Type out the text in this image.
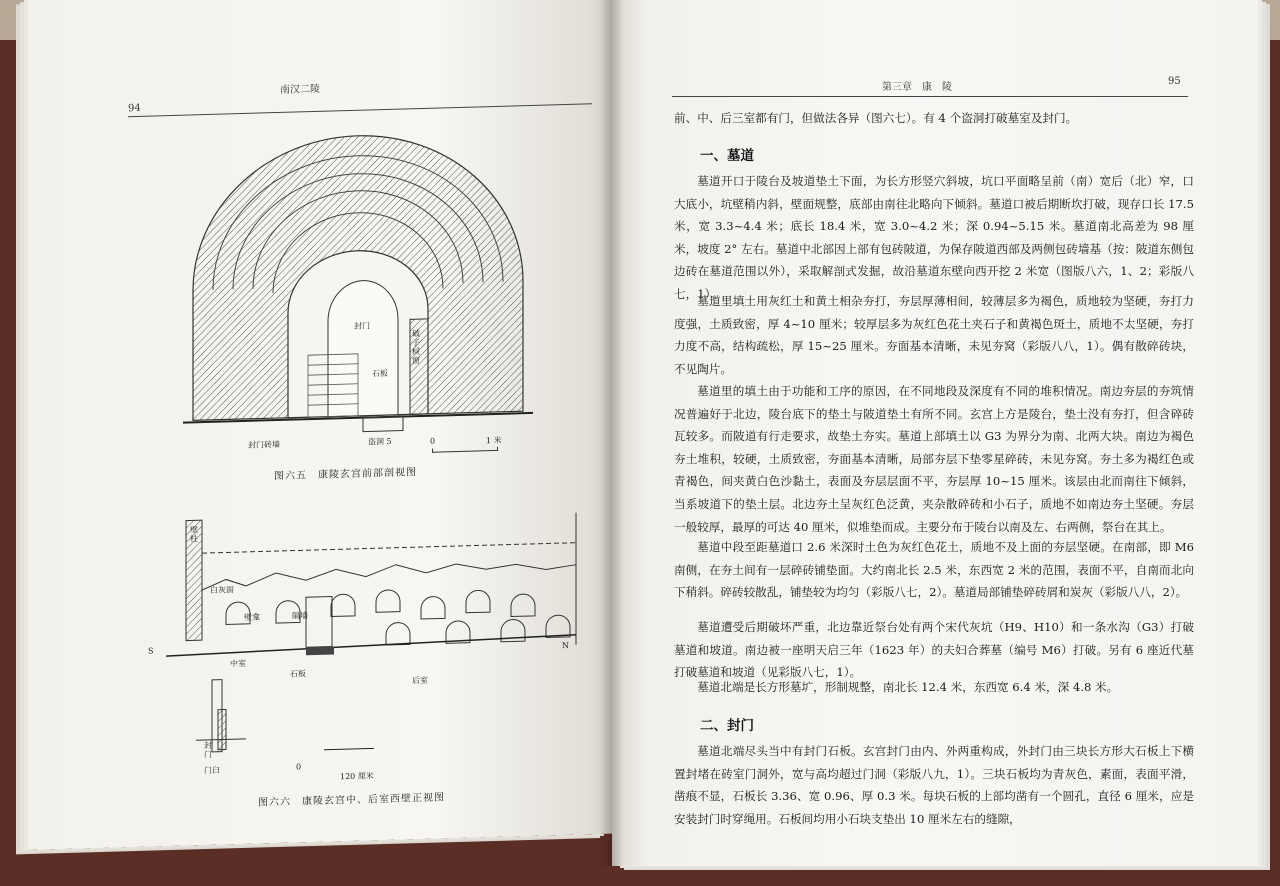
南汉二陵
94
封门
破子棂窗
石板
封门砖墙	盗洞 5	0	1 米
图六五　康陵玄宫前部剖视图
壁柱
白灰面
壁龛	隔墙
S
N
中室
石板
后室
封门
门臼	0
120 厘米
图六六　康陵玄宫中、后室西壁正视图
第三章　康　陵
95
前、中、后三室都有门，但做法各异（图六七）。有 4 个盗洞打破墓室及封门。
一、墓道
墓道开口于陵台及坡道垫土下面，为长方形竖穴斜坡，坑口平面略呈前（南）宽后（北）窄，口大底小，坑壁稍内斜，壁面规整，底部由南往北略向下倾斜。墓道口被后期断坎打破，现存口长 17.5 米，宽 3.3~4.4 米；底长 18.4 米，宽 3.0~4.2 米；深 0.94~5.15 米。墓道南北高差为 98 厘米，坡度 2° 左右。墓道中北部因上部有包砖陂道，为保存陂道西部及两侧包砖墙基（按：陂道东侧包边砖在墓道范围以外），采取解剖式发掘，故沿墓道东壁向西开挖 2 米宽（图版八六，1、2；彩版八七，1）。
墓道里填土用灰红土和黄土相杂夯打，夯层厚薄相间，较薄层多为褐色，质地较为坚硬，夯打力度强，土质致密，厚 4~10 厘米；较厚层多为灰红色花土夹石子和黄褐色斑土，质地不太坚硬，夯打力度不高，结构疏松，厚 15~25 厘米。夯面基本清晰，未见夯窝（彩版八八，1）。偶有散碎砖块，不见陶片。
墓道里的填土由于功能和工序的原因，在不同地段及深度有不同的堆积情况。南边夯层的夯筑情况普遍好于北边，陵台底下的垫土与陂道垫土有所不同。玄宫上方是陵台，垫土没有夯打，但含碎砖瓦较多。而陂道有行走要求，故垫土夯实。墓道上部填土以 G3 为界分为南、北两大块。南边为褐色夯土堆积，较硬，土质致密，夯面基本清晰，局部夯层下垫零星碎砖，未见夯窝。夯土多为褐红色或青褐色，间夹黄白色沙黏土，表面及夯层层面不平，夯层厚 10~15 厘米。该层由北而南往下倾斜，当系坡道下的垫土层。北边夯土呈灰红色泛黄，夹杂散碎砖和小石子，质地不如南边夯土坚硬。夯层一般较厚，最厚的可达 40 厘米，似堆垫而成。主要分布于陵台以南及左、右两侧，祭台在其上。
墓道中段至距墓道口 2.6 米深时土色为灰红色花土，质地不及上面的夯层坚硬。在南部，即 M6 南侧，在夯土间有一层碎砖铺垫面。大约南北长 2.5 米，东西宽 2 米的范围，表面不平，自南而北向下稍斜。碎砖较散乱，铺垫较为均匀（彩版八七，2）。墓道局部铺垫碎砖屑和炭灰（彩版八八，2）。
墓道遭受后期破坏严重，北边靠近祭台处有两个宋代灰坑（H9、H10）和一条水沟（G3）打破墓道和坡道。南边被一座明天启三年（1623 年）的夫妇合葬墓（编号 M6）打破。另有 6 座近代墓打破墓道和坡道（见彩版八七，1）。
墓道北端是长方形墓圹，形制规整，南北长 12.4 米，东西宽 6.4 米，深 4.8 米。
二、封门
墓道北端尽头当中有封门石板。玄宫封门由内、外两重构成，外封门由三块长方形大石板上下横置封堵在砖室门洞外，宽与高均超过门洞（彩版八九，1）。三块石板均为青灰色，素面，表面平滑，凿痕不显，石板长 3.36、宽 0.96、厚 0.3 米。每块石板的上部均凿有一个圆孔，直径 6 厘米，应是安装封门时穿绳用。石板间均用小石块支垫出 10 厘米左右的缝隙，
